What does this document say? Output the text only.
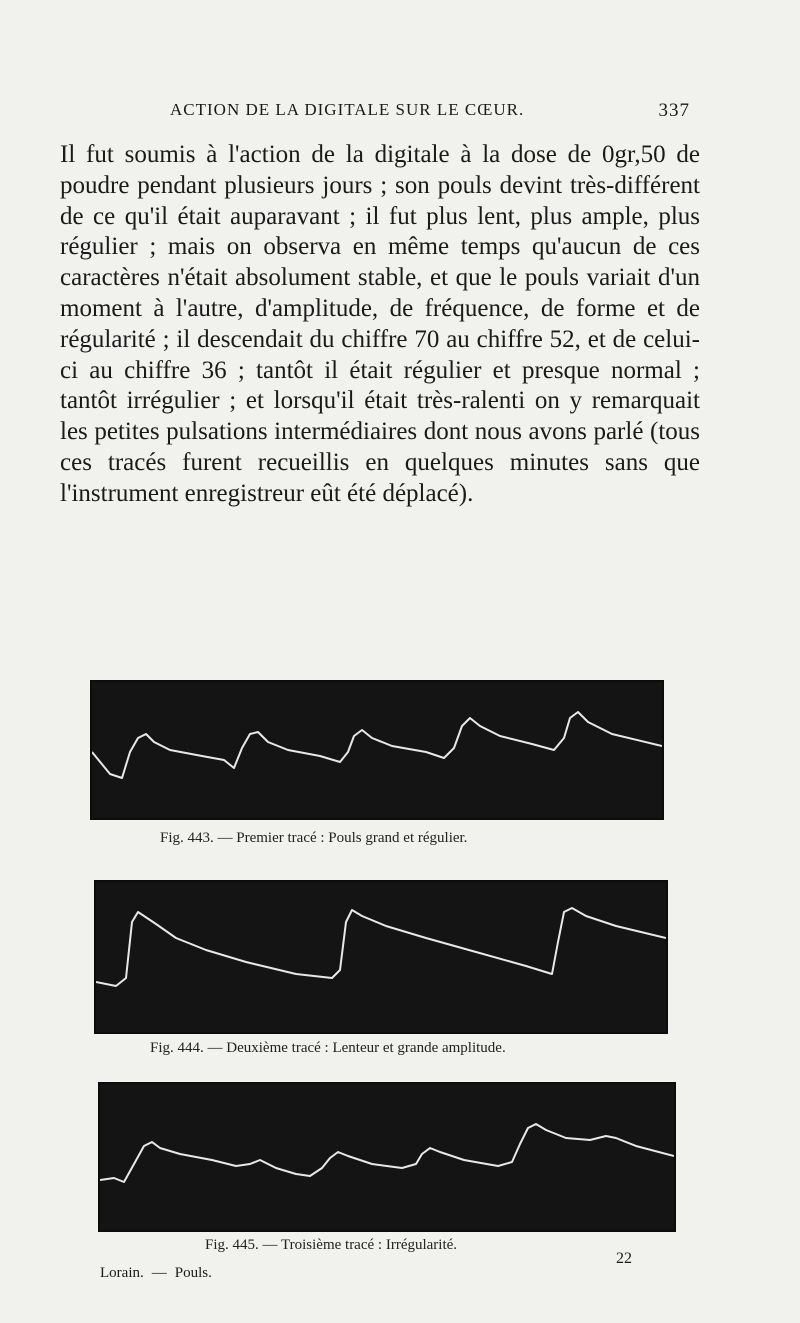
ACTION DE LA DIGITALE SUR LE CŒUR.	337

Il fut soumis à l'action de la digitale à la dose de 0gr,50 de poudre pendant plusieurs jours ; son pouls devint très-différent de ce qu'il était auparavant ; il fut plus lent, plus ample, plus régulier ; mais on observa en même temps qu'aucun de ces caractères n'était absolument stable, et que le pouls variait d'un moment à l'autre, d'amplitude, de fréquence, de forme et de régularité ; il descendait du chiffre 70 au chiffre 52, et de celui-ci au chiffre 36 ; tantôt il était régulier et presque normal ; tantôt irrégulier ; et lorsqu'il était très-ralenti on y remarquait les petites pulsations intermédiaires dont nous avons parlé (tous ces tracés furent recueillis en quelques minutes sans que l'instrument enregistreur eût été déplacé).

Fig. 443. — Premier tracé : Pouls grand et régulier.
Fig. 444. — Deuxième tracé : Lenteur et grande amplitude.
Fig. 445. — Troisième tracé : Irrégularité.
Lorain. — Pouls.
22
